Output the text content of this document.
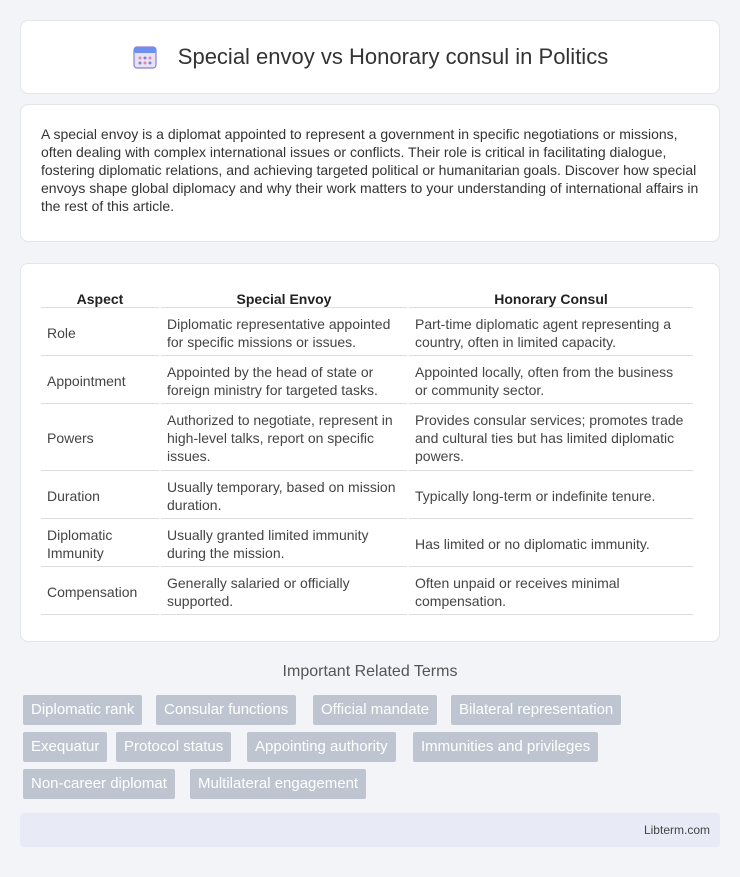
Special envoy vs Honorary consul in Politics

A special envoy is a diplomat appointed to represent a government in specific negotiations or missions, often dealing with complex international issues or conflicts. Their role is critical in facilitating dialogue, fostering diplomatic relations, and achieving targeted political or humanitarian goals. Discover how special envoys shape global diplomacy and why their work matters to your understanding of international affairs in the rest of this article.

Aspect	Special Envoy	Honorary Consul
Role	Diplomatic representative appointed for specific missions or issues.	Part-time diplomatic agent representing a country, often in limited capacity.
Appointment	Appointed by the head of state or foreign ministry for targeted tasks.	Appointed locally, often from the business or community sector.
Powers	Authorized to negotiate, represent in high-level talks, report on specific issues.	Provides consular services; promotes trade and cultural ties but has limited diplomatic powers.
Duration	Usually temporary, based on mission duration.	Typically long-term or indefinite tenure.
Diplomatic Immunity	Usually granted limited immunity during the mission.	Has limited or no diplomatic immunity.
Compensation	Generally salaried or officially supported.	Often unpaid or receives minimal compensation.
Important Related Terms
Diplomatic rank	Consular functions	Official mandate	Bilateral representation
Exequatur	Protocol status	Appointing authority	Immunities and privileges
Non-career diplomat	Multilateral engagement
Libterm.com
